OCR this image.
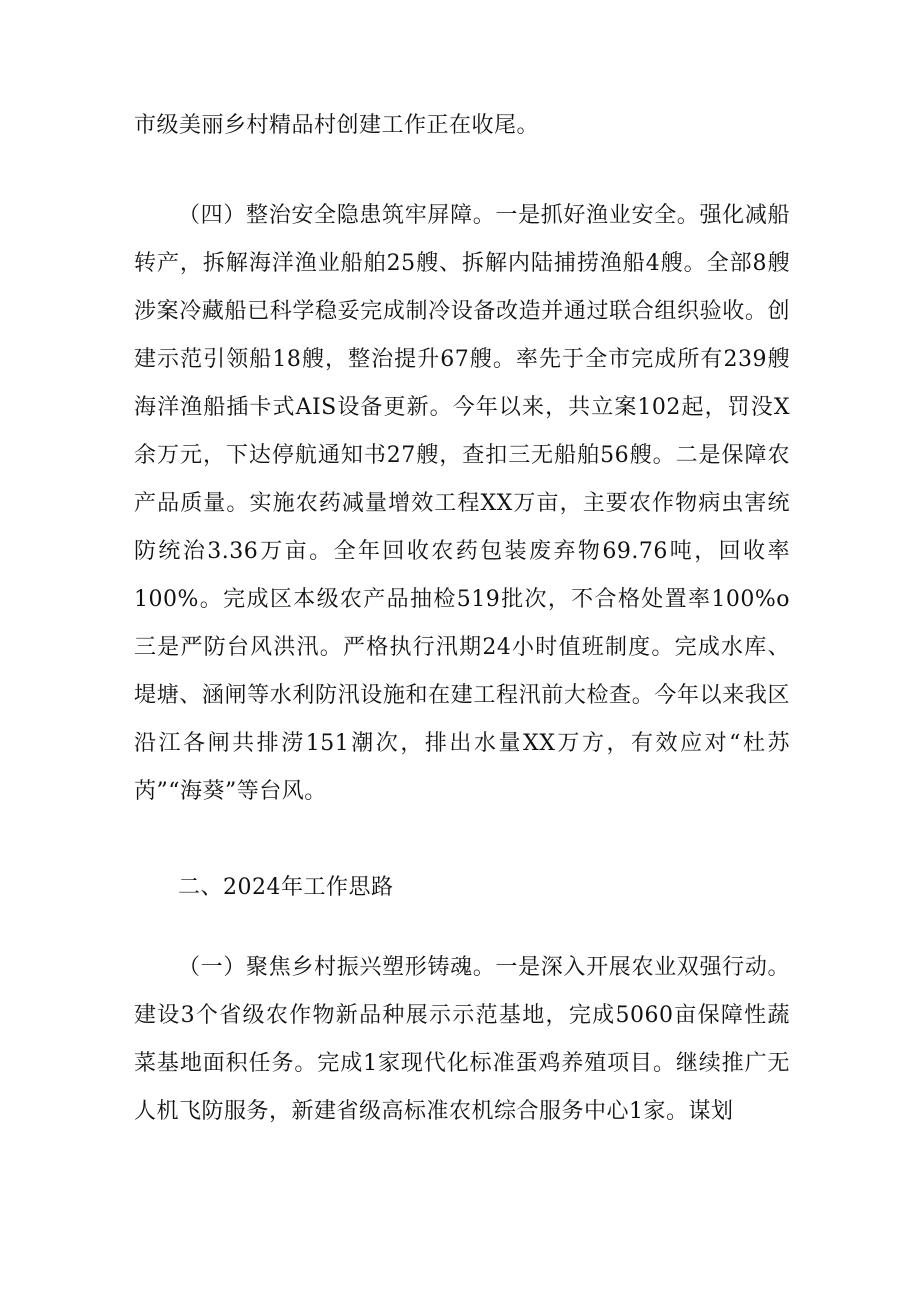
市级美丽乡村精品村创建工作正在收尾。

（四）整治安全隐患筑牢屏障。一是抓好渔业安全。强化减船转产，拆解海洋渔业船舶25艘、拆解内陆捕捞渔船4艘。全部8艘涉案冷藏船已科学稳妥完成制冷设备改造并通过联合组织验收。创建示范引领船18艘，整治提升67艘。率先于全市完成所有239艘海洋渔船插卡式AIS设备更新。今年以来，共立案102起，罚没X余万元，下达停航通知书27艘，查扣三无船舶56艘。二是保障农产品质量。实施农药减量增效工程XX万亩，主要农作物病虫害统防统治3.36万亩。全年回收农药包装废弃物69.76吨，回收率100%。完成区本级农产品抽检519批次，不合格处置率100%o三是严防台风洪汛。严格执行汛期24小时值班制度。完成水库、堤塘、涵闸等水利防汛设施和在建工程汛前大检查。今年以来我区沿江各闸共排涝151潮次，排出水量XX万方，有效应对“杜苏芮”“海葵”等台风。

二、2024年工作思路

（一）聚焦乡村振兴塑形铸魂。一是深入开展农业双强行动。建设3个省级农作物新品种展示示范基地，完成5060亩保障性蔬菜基地面积任务。完成1家现代化标准蛋鸡养殖项目。继续推广无人机飞防服务，新建省级高标准农机综合服务中心1家。谋划
